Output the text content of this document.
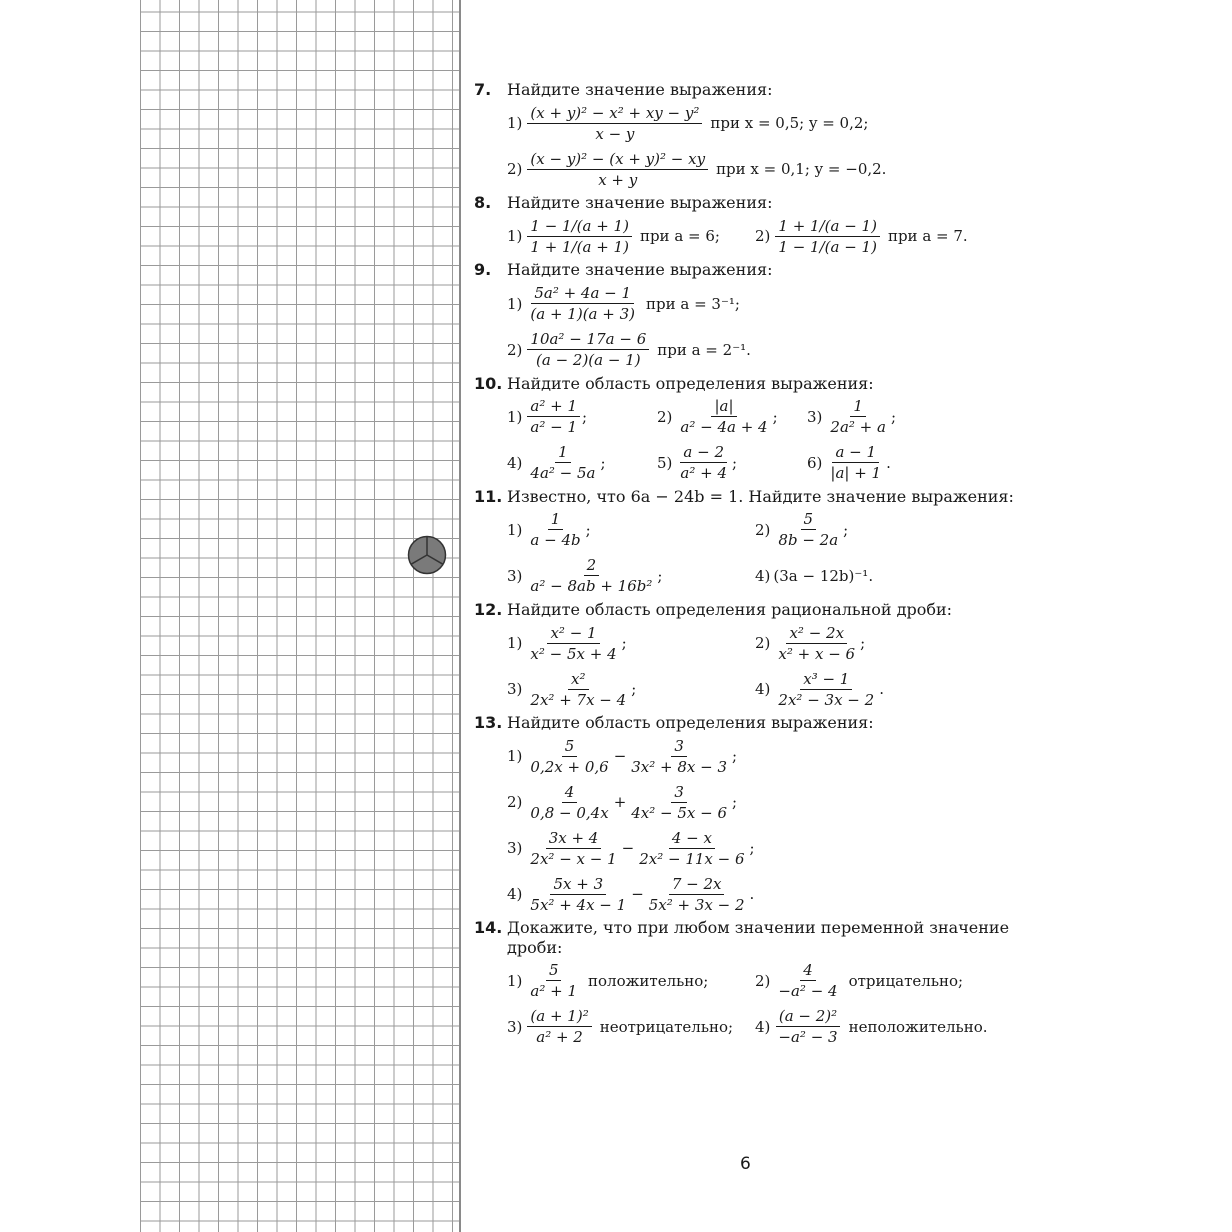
7. Найдите значение выражения:
$1) \frac{\text{(x + y)² − x² + xy − y²}}{x - y}$ при x = 0,5; y = 0,2;
$2) \frac{\text{(x − y)² − (x + y)² − xy}}{x + y}$ при x = 0,1; y = −0,2.
8. Найдите значение выражения:
$1) \frac{1 - 1/(a + 1)}{1 + 1/(a + 1)}$ при a = 6; $2) \frac{1 + 1/(a - 1)}{1 - 1/(a - 1)}$ при a = 7.
9. Найдите значение выражения:
$1) \frac{\text{5a² + 4a − 1}}{(a + 1)(a + 3)}$ при a = 3⁻¹;
$2) \frac{\text{10a² − 17a − 6}}{(a - 2)(a - 1)}$ при a = 2⁻¹.
10. Найдите область определения выражения:
$1) \frac{\text{a² + 1}}{\text{a² − 1}}$ ;	$2) \frac{|a|}{\text{a² − 4a + 4}}$ ; $3) \frac{1}{\text{2a² + a}}$ ;
$4) \frac{1}{\text{4a² − 5a}}$ ;	$5) \frac{a - 2}{\text{a² + 4}}$ ;	$6) \frac{a - 1}{|a| + 1}$ .
11. Известно, что 6a − 24b = 1. Найдите значение выражения:
$1) \frac{1}{a - 4b}$ ;	$2) \frac{5}{8b - 2a}$ ;
$3) \frac{2}{\text{a² − 8ab + 16b²}}$ ;	4) (3a − 12b)⁻¹.
12. Найдите область определения рациональной дроби:
$1) \frac{\text{x² − 1}}{\text{x² − 5x + 4}}$ ;	$2) \frac{\text{x² − 2x}}{\text{x² + x − 6}}$ ;
$3) \frac{\text{x²}}{\text{2x² + 7x − 4}}$ ;	$4) \frac{\text{x³ − 1}}{\text{2x² − 3x − 2}}$ .
13. Найдите область определения выражения:
$1) \frac{5}{0,2x + 0,6} - \frac{3}{\text{3x² + 8x − 3}}$ ;
$2) \frac{4}{0,8 - 0,4x} + \frac{3}{\text{4x² − 5x − 6}}$ ;
$3) \frac{3x + 4}{\text{2x² − x − 1}} - \frac{4 - x}{\text{2x² − 11x − 6}}$ ;
$4) \frac{5x + 3}{\text{5x² + 4x − 1}} - \frac{7 - 2x}{\text{5x² + 3x − 2}}$ .
14. Докажите, что при любом значении переменной значение дроби:
$1) \frac{5}{\text{a² + 1}}$ положительно;	$2) \frac{4}{\text{−a² − 4}}$ отрицательно;
$3) \frac{\text{(a + 1)²}}{\text{a² + 2}}$ неотрицательно; $4) \frac{\text{(a − 2)²}}{\text{−a² − 3}}$ неположительно.
6
